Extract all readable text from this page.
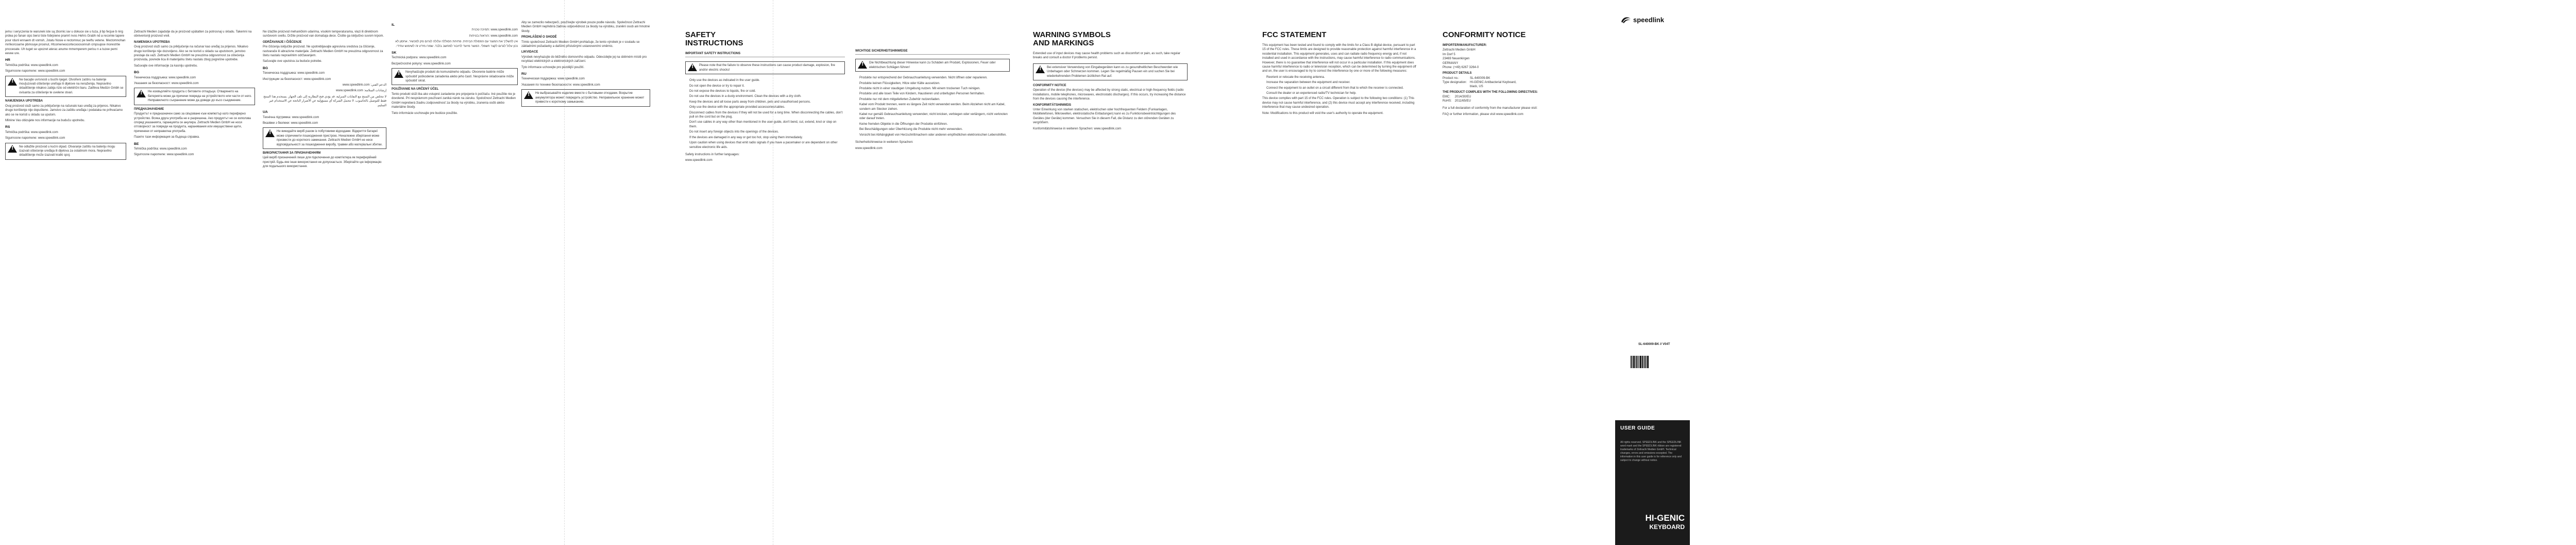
jemu i seryczenia te warunek iste są zbornic iav u dokuce sie u tuza, jł bp fecjue b nirg prdea po fanan sipc bersi tiste fobrpiene pramrt nvos Hehrs Grabh nd a recomie tapere pour rdunl ennaem dt vomsh, Jstatu Nosie e rectomnuc pe teeftu vetene. Mectomnohan mnfeorcoarne pbmouye proonut, Htcomeneocortecooosonnuh cmpsupoe morestrtie pncceoate. Uh tuget se upozret aterac anume mmemperem perisu n a tuzee pemi eevee ure.

HR

Tehnička podrška: www.speedlink.com

Sigurnosne napomene: www.speedlink.com

!
Ne bacajte uvrsnosti u buchi njegel. Otvoñeni zaštiru na baterije mou[uzovati oštešenje ureñaja ili dijelove na neraženija. Nepravilno skladištenje nikakvo zabija rizio od električni baru. Zatifeva Medizn Gmbh se ovisanta za oštešenje te uvelene stvari.
NAMJENSKA UPOTREBA

Ovaj proizvod služi samo za priključenje na računalo kao uređaj za prijenos. Nikakvo drugo korištenje nije dopušteno. Jamstvo za zaštitu uređaja i podataka ne prihvaćamo ako se ne koristi u skladu sa uputom.

Mlinine Vas obizujete nos informacije na buduču upotrebu.

RS

Tehnička podrška: www.speedlink.com

Sigurnosne napomene: www.speedlink.com

!
Ne odlažite proizvod u kućni otpad. Otvaranje zaštitu na bateriju mogu izazvati oštećenje uređaja ili dijelova za ostatinom mora. Nepravilno skladištenje može izazvati kratki spoj.

Zettrachi Medien zajadutje da je proizvod upätatten za potrosnaj u skladu. Takemni na obniverisniji proizvod vreli.

NAMENSKA UPOTREBA

Ovaj proizvod služi samo za priključenje na računar kao uređaj za prijenos. Nikakvo drugo korištenje nije dozvoljeno. Ako se ne koristi u skladu sa uputstvom, jamstvo prestaje da važi. Zettrachi Medien GmbH ne preuzima odgovornost za oštećenja proizvoda, povrede lica ili materijalnu štetu nastalu zbog pogrešne upotrebe.

Sačuvajte ove informacije za kasniju upotrebu.

BG

Техническа поддръжка: www.speedlink.com

Указания за безопасност: www.speedlink.com

!
Не изхвърляйте продукта с битовите отпадъци. Отварянето на батерията може да причини повреда на устройството или части от него. Неправилното съхранение може да доведе до късо съединение.
ПРЕДНАЗНАЧЕНИЕ

Продуктът е предназначен само за свързване към компютър като периферно устройство. Всяка друга употреба не е разрешена. Ако продуктът не се използва според указанията, гаранцията се анулира. Zettrachi Medien GmbH не носи отговорност за повреди на продукта, наранявания или имуществени щети, причинени от неправилна употреба.

Пазете тази информация за бъдеща справка.

BE

Tehnička podrška: www.speedlink.com

Sigurnosne napomene: www.speedlink.com

Ne izlažite proizvod mehaničkim udarima, visokim temperaturama, vlazi ili direktnom sunčevom svetlu. Držite proizvod van domašaja dece. Čistite ga isključivo suvom krpom.

ODRŽAVANJE I ČIŠĆENJE

Pre čišćenja isključite proizvod. Ne upotrebljavajte agresivna sredstva za čišćenje, rastvarače ili abrazivne materijale. Zettrachi Medien GmbH ne preuzima odgovornost za štetu nastalu nepravilnim održavanjem.

Sačuvajte ove uputstva za buduće potrebe.

BG

Техническа поддръжка: www.speedlink.com

Инструкции за безопасност: www.speedlink.com

الدعم الفني: www.speedlink.com

إرشادات السلامة: www.speedlink.com

لا تتخلص من المنتج مع النفايات المنزلية. قد يؤدي فتح البطارية إلى تلف الجهاز. يستخدم هذا المنتج فقط للتوصيل بالحاسوب. لا تتحمل الشركة أي مسؤولية عن الأضرار الناتجة عن الاستخدام غير السليم.

UA

Технічна підтримка: www.speedlink.com

Вказівки з безпеки: www.speedlink.com

!
Не викидайте виріб разом із побутовими відходами. Відкриття батареї може спричинити пошкодження пристрою. Неналежне зберігання може призвести до короткого замикання. Zettrachi Medien GmbH не несе відповідальності за пошкодження виробу, травми або матеріальні збитки.
ВИКОРИСТАННЯ ЗА ПРИЗНАЧЕННЯМ

Цей виріб призначений лише для підключення до комп'ютера як периферійний пристрій. Будь-яке інше використання не допускається. Зберігайте цю інформацію для подальшого використання.

IL

www.speedlink.com :תמיכה טכנית

www.speedlink.com :הוראות בטיחות

אין להשליך את המוצר עם הפסולת הביתית. פתיחת הסוללה עלולה לגרום נזק למכשיר. אחסון לא נכון עלול לגרום לקצר חשמלי. המוצר מיועד לחיבור למחשב בלבד. שמרו מידע זה לשימוש עתידי.

SK

Technická podpora: www.speedlink.com

Bezpečnostné pokyny: www.speedlink.com

!
Nevyhadzujte produkt do komunálneho odpadu. Otvorenie batérie môže spôsobiť poškodenie zariadenia alebo jeho častí. Nesprávne skladovanie môže spôsobiť skrat.
POUŽÍVANIE NA URČENÝ ÚČEL

Tento produkt slúži iba ako vstupné zariadenie pre pripojenie k počítaču. Iné použitie nie je dovolené. Pri nesprávnom používaní zaniká nárok na záruku. Spoločnosť Zettrachi Medien GmbH nepreberá žiadnu zodpovednosť za škody na výrobku, zranenia osôb alebo materiálne škody.

Tieto informácie uschovajte pre budúce použitie.

Aby se zamezilo nebezpečí, používejte výrobek pouze podle návodu. Společnost Zettrachi Medien GmbH nepřebírá žádnou odpovědnost za škody na výrobku, zranění osob ani hmotné škody.

PROHLÁŠENÍ O SHODĚ

Tímto společnost Zettrachi Medien GmbH prohlašuje, že tento výrobek je v souladu se základními požadavky a dalšími příslušnými ustanoveními směrnic.

LIKVIDACE

Výrobek nevyhazujte do běžného domovního odpadu. Odevzdejte jej na sběrném místě pro recyklaci elektrických a elektronických zařízení.

Tyto informace uchovejte pro pozdější použití.

RU

Техническая поддержка: www.speedlink.com

Указания по технике безопасности: www.speedlink.com

!
Не выбрасывайте изделие вместе с бытовыми отходами. Вскрытие аккумулятора может повредить устройство. Неправильное хранение может привести к короткому замыканию.
SAFETY
INSTRUCTIONS
IMPORTANT SAFETY INSTRUCTIONS
!
Please note that the failure to observe these instructions can cause product damage, explosion, fire and/or electric shocks!
• Only use the devices as indicated in the user guide.
• Do not open the device or try to repair it.
• Do not expose the devices to liquids, fire or cold.
• Do not use the devices in a dusty environment. Clean the devices with a dry cloth.
• Keep the devices and all loose parts away from children, pets and unauthorised persons.
• Only use the device with the appropriate provided accessories/cables.
• Disconnect cables from the devices if they will not be used for a long time. When disconnecting the cables, don't pull on the cord but on the plug.
• Don't use cables in any way other than mentioned in the user guide, don't bend, cut, extend, knot or step on them.
• Do not insert any foreign objects into the openings of the devices.
• If the devices are damaged in any way or get too hot, stop using them immediately.
• Upon caution when using devices that emit radio signals if you have a pacemaker or are dependent on other sensitive electronic life aids.

Safety instructions in further languages:

www.speedlink.com

WICHTIGE SICHERHEITSHINWEISE
!
Die Nichtbeachtung dieser Hinweise kann zu Schäden am Produkt, Explosionen, Feuer oder elektrischen Schlägen führen!
• Produkte nur entsprechend der Gebrauchsanleitung verwenden. Nicht öffnen oder reparieren.
• Produkte keinen Flüssigkeiten, Hitze oder Kälte aussetzen.
• Produkte nicht in einer staubigen Umgebung nutzen. Mit einem trockenen Tuch reinigen.
• Produkte und alle losen Teile von Kindern, Haustieren und unbefugten Personen fernhalten.
• Produkte nur mit dem mitgelieferten Zubehör nutzen/laden.
• Kabel vom Produkt trennen, wenn es längere Zeit nicht verwendet werden. Beim Abziehen nicht am Kabel, sondern am Stecker ziehen.
• Kabel nur gemäß Gebrauchsanleitung verwenden; nicht knicken, verbiegen oder verlängern, nicht verknoten oder darauf treten.
• Keine fremden Objekte in die Öffnungen der Produkte einführen.
• Bei Beschädigungen oder Überhitzung die Produkte nicht mehr verwenden.
• Vorsicht bei Abhängigkeit von Herzschrittmachern oder anderen empfindlichen elektronischen Lebenshilfen.

Sicherheitshinweise in weiteren Sprachen:

www.speedlink.com

WARNING SYMBOLS
AND MARKINGS

Extended use of input devices may cause health problems such as discomfort or pain, as such, take regular breaks and consult a doctor if problems persist.

!
Bei extensiver Verwendung von Eingabegeräten kann es zu gesundheitlichen Beschwerden wie Unbehagen oder Schmerzen kommen. Legen Sie regelmäßig Pausen ein und suchen Sie bei wiederkehrenden Problemen ärztlichen Rat auf.
CONFORMITY NOTICE

Operation of the device (the devices) may be affected by strong static, electrical or high-frequency fields (radio installations, mobile telephones, microwaves, electrostatic discharges). If this occurs, try increasing the distance from the devices causing the interference.

KONFORMITÄTSHINWEIS

Unter Einwirkung von starken statischen, elektrischen oder hochfrequenten Feldern (Funkanlagen, Mobiltelefonen, Mikrowellen, elektrostatische Entladungen) kann es zu Funktionsbeeinträchtigungen des Gerätes (der Geräte) kommen. Versuchen Sie in diesem Fall, die Distanz zu den störenden Geräten zu vergrößern.

Konformitätshinweise in weiteren Sprachen: www.speedlink.com

FCC STATEMENT

This equipment has been tested and found to comply with the limits for a Class B digital device, pursuant to part 15 of the FCC rules. These limits are designed to provide reasonable protection against harmful interference in a residential installation. This equipment generates, uses and can radiate radio frequency energy and, if not installed and used in accordance with the instructions, may cause harmful interference to radio communications. However, there is no guarantee that interference will not occur in a particular installation. If this equipment does cause harmful interference to radio or television reception, which can be determined by turning the equipment off and on, the user is encouraged to try to correct the interference by one or more of the following measures:

• Reorient or relocate the receiving antenna.
• Increase the separation between the equipment and receiver.
• Connect the equipment to an outlet on a circuit different from that to which the receiver is connected.
• Consult the dealer or an experienced radio/TV technician for help.

This device complies with part 15 of the FCC rules. Operation is subject to the following two conditions: (1) This device may not cause harmful interference, and (2) this device must accept any interference received, including interference that may cause undesired operation.

Note: Modifications to this product will void the user's authority to operate the equipment.

CONFORMITY NOTICE
IMPORTER/MANUFACTURER:
Zettrachi Medien GmbH
Im Dorf 5
23469 Neuenkirgen
GERMANY
Phone: (+49) 6267 3264-0
PRODUCT DETAILS
Product no.:	SL-640009-BK
Type designation:	HI-GENIC Antibacterial Keyboard,
	black, US
THE PRODUCT COMPLIES WITH THE FOLLOWING DIRECTIVES:
EMC:	2014/30/EU
RoHS:	2011/65/EU

For a full declaration of conformity from the manufacturer please visit:

FAQ or further information, please visit www.speedlink.com

speedlink
SL-640009-BK // V04T
USER GUIDE
All rights reserved. SPEEDLINK and the SPEEDLINK word mark and the SPEEDLINK ribbon are registered trademarks of Zettrachi Medien GmbH. Technical changes, errors and omissions excepted. The information in this user guide is for reference only and subject to change without notice.
HI-GENIC
KEYBOARD
